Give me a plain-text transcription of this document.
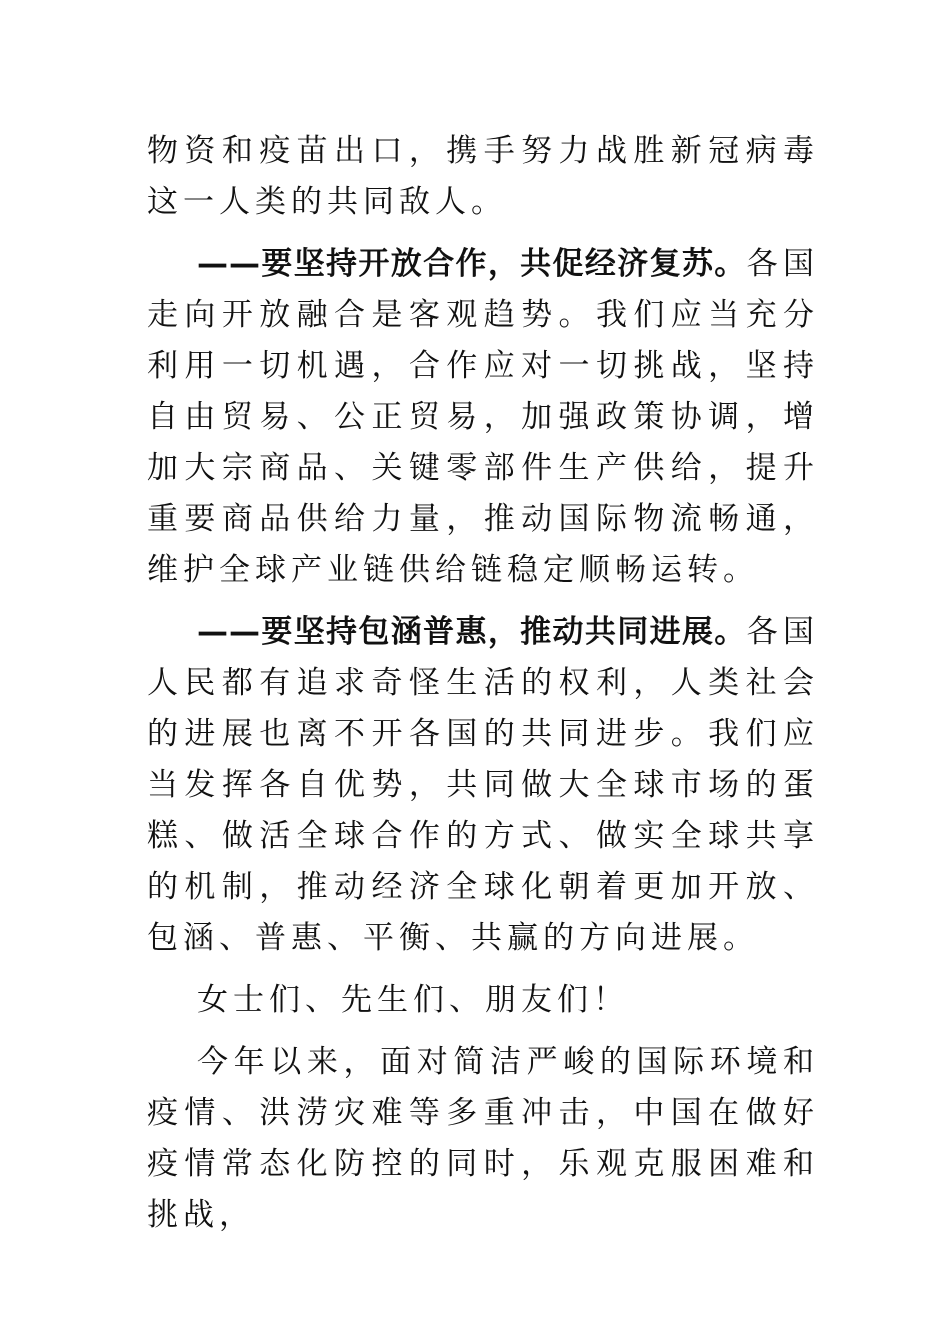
物资和疫苗出口，携手努力战胜新冠病毒这一人类的共同敌人。

——要坚持开放合作，共促经济复苏。各国走向开放融合是客观趋势。我们应当充分利用一切机遇，合作应对一切挑战，坚持自由贸易、公正贸易，加强政策协调，增加大宗商品、关键零部件生产供给，提升重要商品供给力量，推动国际物流畅通，维护全球产业链供给链稳定顺畅运转。

——要坚持包涵普惠，推动共同进展。各国人民都有追求奇怪生活的权利，人类社会的进展也离不开各国的共同进步。我们应当发挥各自优势，共同做大全球市场的蛋糕、做活全球合作的方式、做实全球共享的机制，推动经济全球化朝着更加开放、包涵、普惠、平衡、共赢的方向进展。

女士们、先生们、朋友们！

今年以来，面对简洁严峻的国际环境和疫情、洪涝灾难等多重冲击，中国在做好疫情常态化防控的同时，乐观克服困难和挑战，
